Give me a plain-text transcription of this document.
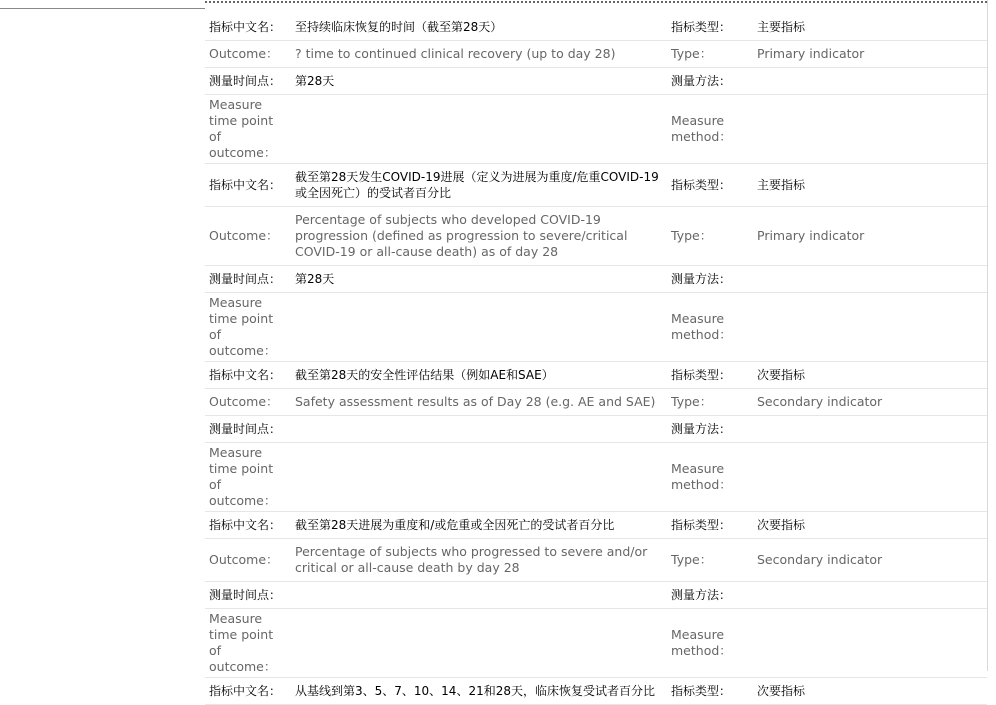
指标中文名：	至持续临床恢复的时间（截至第28天）	指标类型：	主要指标
Outcome：	? time to continued clinical recovery (up to day 28)	Type：	Primary indicator
测量时间点：	第28天	测量方法：	
Measure time point of outcome：		Measure method：	
指标中文名：	截至第28天发生COVID-19进展（定义为进展为重度/危重COVID-19或全因死亡）的受试者百分比	指标类型：	主要指标
Outcome：	Percentage of subjects who developed COVID-19 progression (defined as progression to severe/critical COVID-19 or all-cause death) as of day 28	Type：	Primary indicator
测量时间点：	第28天	测量方法：	
Measure time point of outcome：		Measure method：	
指标中文名：	截至第28天的安全性评估结果（例如AE和SAE）	指标类型：	次要指标
Outcome：	Safety assessment results as of Day 28 (e.g. AE and SAE)	Type：	Secondary indicator
测量时间点：		测量方法：	
Measure time point of outcome：		Measure method：	
指标中文名：	截至第28天进展为重度和/或危重或全因死亡的受试者百分比	指标类型：	次要指标
Outcome：	Percentage of subjects who progressed to severe and/or critical or all-cause death by day 28	Type：	Secondary indicator
测量时间点：		测量方法：	
Measure time point of outcome：		Measure method：	
指标中文名：	从基线到第3、5、7、10、14、21和28天，临床恢复受试者百分比	指标类型：	次要指标
